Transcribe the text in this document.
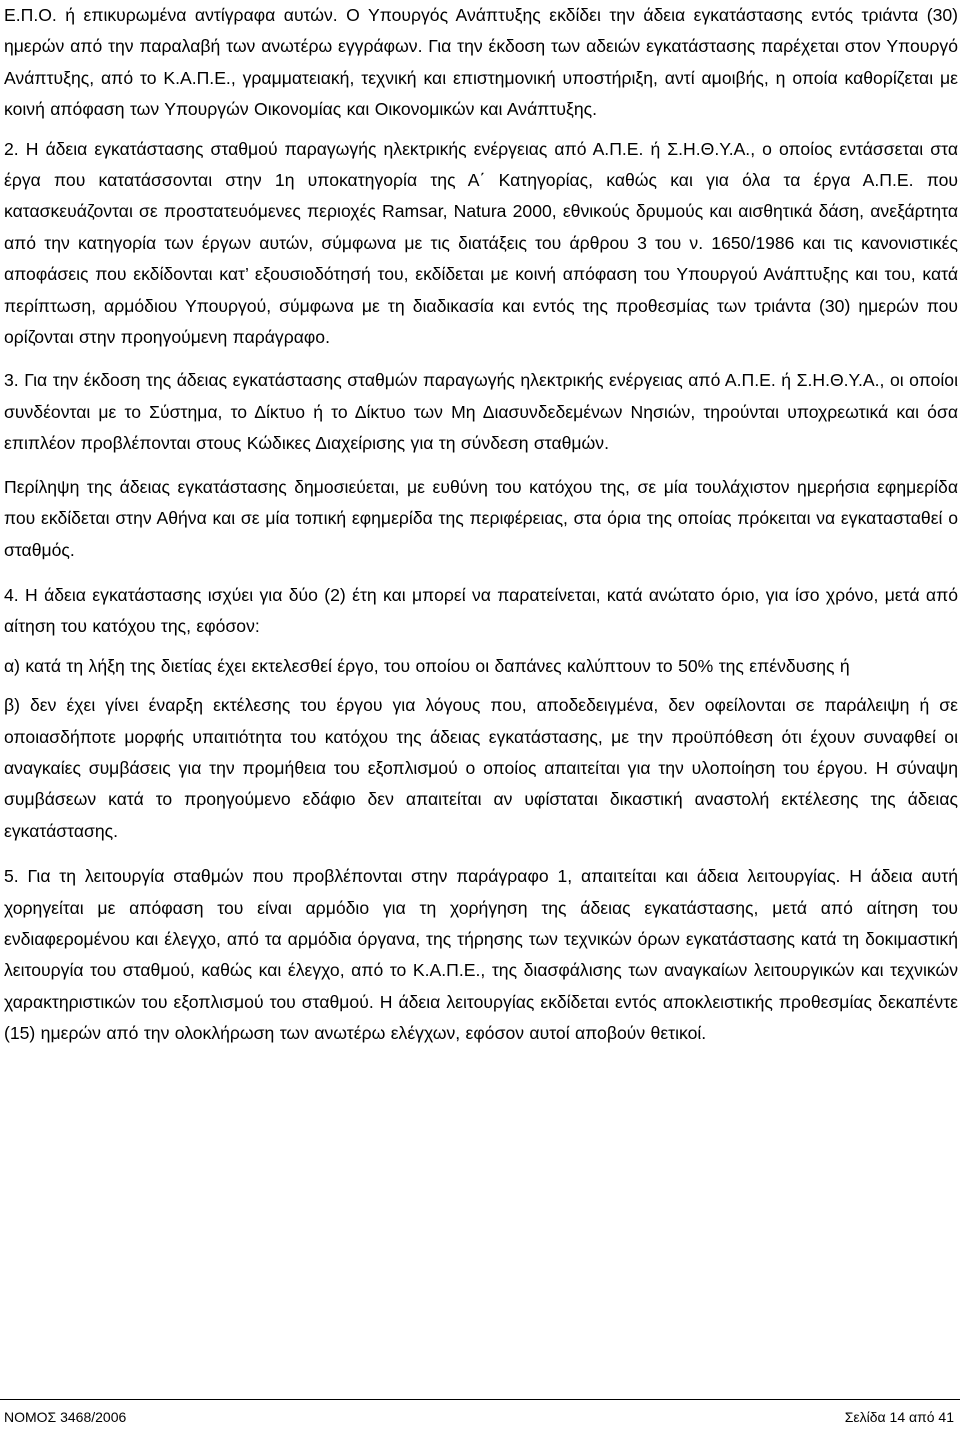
Ε.Π.Ο. ή επικυρωμένα αντίγραφα αυτών. Ο Υπουργός Ανάπτυξης εκδίδει την άδεια εγκατάστασης εντός τριάντα (30) ημερών από την παραλαβή των ανωτέρω εγγράφων. Για την έκδοση των αδειών εγκατάστασης παρέχεται στον Υπουργό Ανάπτυξης, από το Κ.Α.Π.Ε., γραμματειακή, τεχνική και επιστημονική υποστήριξη, αντί αμοιβής, η οποία καθορίζεται με κοινή απόφαση των Υπουργών Οικονομίας και Οικονομικών και Ανάπτυξης.

2. Η άδεια εγκατάστασης σταθμού παραγωγής ηλεκτρικής ενέργειας από Α.Π.Ε. ή Σ.Η.Θ.Υ.Α., ο οποίος εντάσσεται στα έργα που κατατάσσονται στην 1η υποκατηγορία της Α΄ Κατηγορίας, καθώς και για όλα τα έργα Α.Π.Ε. που κατασκευάζονται σε προστατευόμενες περιοχές Ramsar, Natura 2000, εθνικούς δρυμούς και αισθητικά δάση, ανεξάρτητα από την κατηγορία των έργων αυτών, σύμφωνα με τις διατάξεις του άρθρου 3 του ν. 1650/1986 και τις κανονιστικές αποφάσεις που εκδίδονται κατ’ εξουσιοδότησή του, εκδίδεται με κοινή απόφαση του Υπουργού Ανάπτυξης και του, κατά περίπτωση, αρμόδιου Υπουργού, σύμφωνα με τη διαδικασία και εντός της προθεσμίας των τριάντα (30) ημερών που ορίζονται στην προηγούμενη παράγραφο.

3. Για την έκδοση της άδειας εγκατάστασης σταθμών παραγωγής ηλεκτρικής ενέργειας από Α.Π.Ε. ή Σ.Η.Θ.Υ.Α., οι οποίοι συνδέονται με το Σύστημα, το Δίκτυο ή το Δίκτυο των Μη Διασυνδεδεμένων Νησιών, τηρούνται υποχρεωτικά και όσα επιπλέον προβλέπονται στους Κώδικες Διαχείρισης για τη σύνδεση σταθμών.

Περίληψη της άδειας εγκατάστασης δημοσιεύεται, με ευθύνη του κατόχου της, σε μία τουλάχιστον ημερήσια εφημερίδα που εκδίδεται στην Αθήνα και σε μία τοπική εφημερίδα της περιφέρειας, στα όρια της οποίας πρόκειται να εγκατασταθεί ο σταθμός.

4. Η άδεια εγκατάστασης ισχύει για δύο (2) έτη και μπορεί να παρατείνεται, κατά ανώτατο όριο, για ίσο χρόνο, μετά από αίτηση του κατόχου της, εφόσον:

α) κατά τη λήξη της διετίας έχει εκτελεσθεί έργο, του οποίου οι δαπάνες καλύπτουν το 50% της επένδυσης ή

β) δεν έχει γίνει έναρξη εκτέλεσης του έργου για λόγους που, αποδεδειγμένα, δεν οφείλονται σε παράλειψη ή σε οποιασδήποτε μορφής υπαιτιότητα του κατόχου της άδειας εγκατάστασης, με την προϋπόθεση ότι έχουν συναφθεί οι αναγκαίες συμβάσεις για την προμήθεια του εξοπλισμού ο οποίος απαιτείται για την υλοποίηση του έργου. Η σύναψη συμβάσεων κατά το προηγούμενο εδάφιο δεν απαιτείται αν υφίσταται δικαστική αναστολή εκτέλεσης της άδειας εγκατάστασης.

5. Για τη λειτουργία σταθμών που προβλέπονται στην παράγραφο 1, απαιτείται και άδεια λειτουργίας. Η άδεια αυτή χορηγείται με απόφαση του είναι αρμόδιο για τη χορήγηση της άδειας εγκατάστασης, μετά από αίτηση του ενδιαφερομένου και έλεγχο, από τα αρμόδια όργανα, της τήρησης των τεχνικών όρων εγκατάστασης κατά τη δοκιμαστική λειτουργία του σταθμού, καθώς και έλεγχο, από το Κ.Α.Π.Ε., της διασφάλισης των αναγκαίων λειτουργικών και τεχνικών χαρακτηριστικών του εξοπλισμού του σταθμού. Η άδεια λειτουργίας εκδίδεται εντός αποκλειστικής προθεσμίας δεκαπέντε (15) ημερών από την ολοκλήρωση των ανωτέρω ελέγχων, εφόσον αυτοί αποβούν θετικοί.

ΝΟΜΟΣ 3468/2006	Σελίδα 14 από 41
